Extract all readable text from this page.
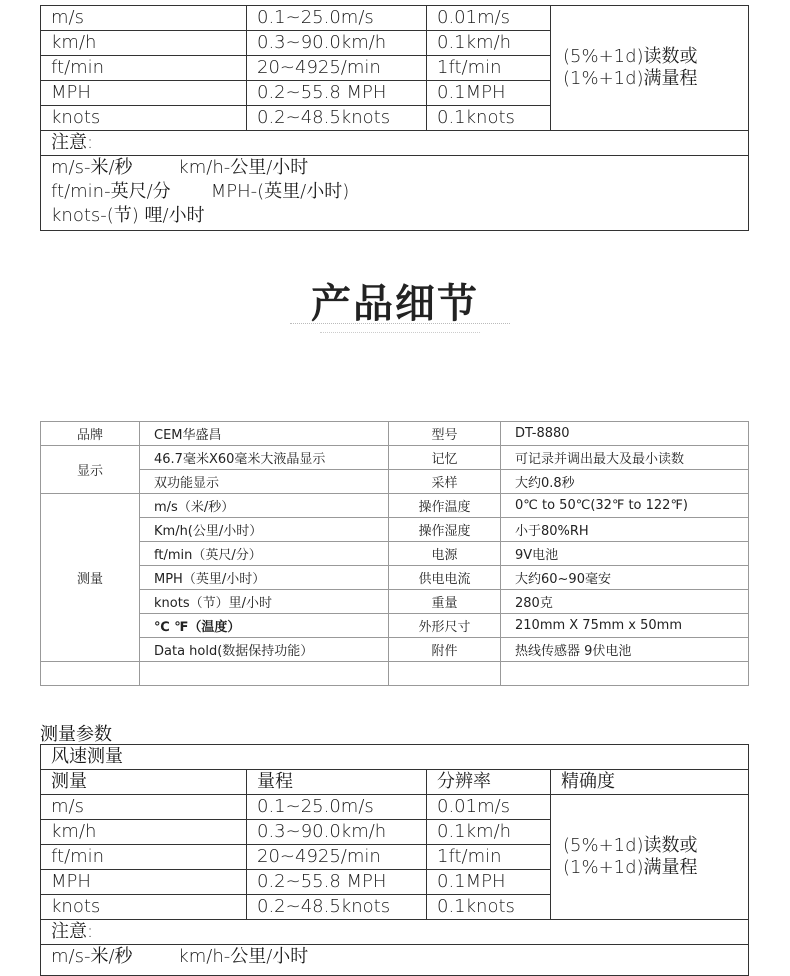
m/s	0.1~25.0m/s	0.01m/s	(5%+1d)读数或
(1%+1d)满量程

km/h	0.3~90.0km/h	0.1km/h	
ft/min	20~4925/min	1ft/min	
MPH	0.2~55.8 MPH	0.1MPH	
knots	0.2~48.5knots	0.1knots	
注意:			

m/s-米/秒        km/h-公里/小时
ft/min-英尺/分       MPH-(英里/小时)
knots-(节) 哩/小时			
产品细节
品牌	CEM华盛昌	型号	DT-8880
显示	46.7毫米X60毫米大液晶显示	记忆	可记录并调出最大及最小读数
	双功能显示	采样	大约0.8秒
测量	m/s（米/秒）	操作温度	0℃ to 50℃(32℉ to 122℉)
	Km/h(公里/小时）	操作湿度	小于80%RH
	ft/min（英尺/分）	电源	9V电池
	MPH（英里/小时）	供电电流	大约60~90毫安
	knots（节）里/小时	重量	280克
	℃ ℉（温度）	外形尺寸	210mm X 75mm x 50mm
	Data hold(数据保持功能）	附件	热线传感器 9伏电池

测量参数
风速测量			
测量	量程	分辨率	精确度
m/s	0.1~25.0m/s	0.01m/s	(5%+1d)读数或
(1%+1d)满量程

km/h	0.3~90.0km/h	0.1km/h	
ft/min	20~4925/min	1ft/min	
MPH	0.2~55.8 MPH	0.1MPH	
knots	0.2~48.5knots	0.1knots	
注意:			

m/s-米/秒        km/h-公里/小时			
